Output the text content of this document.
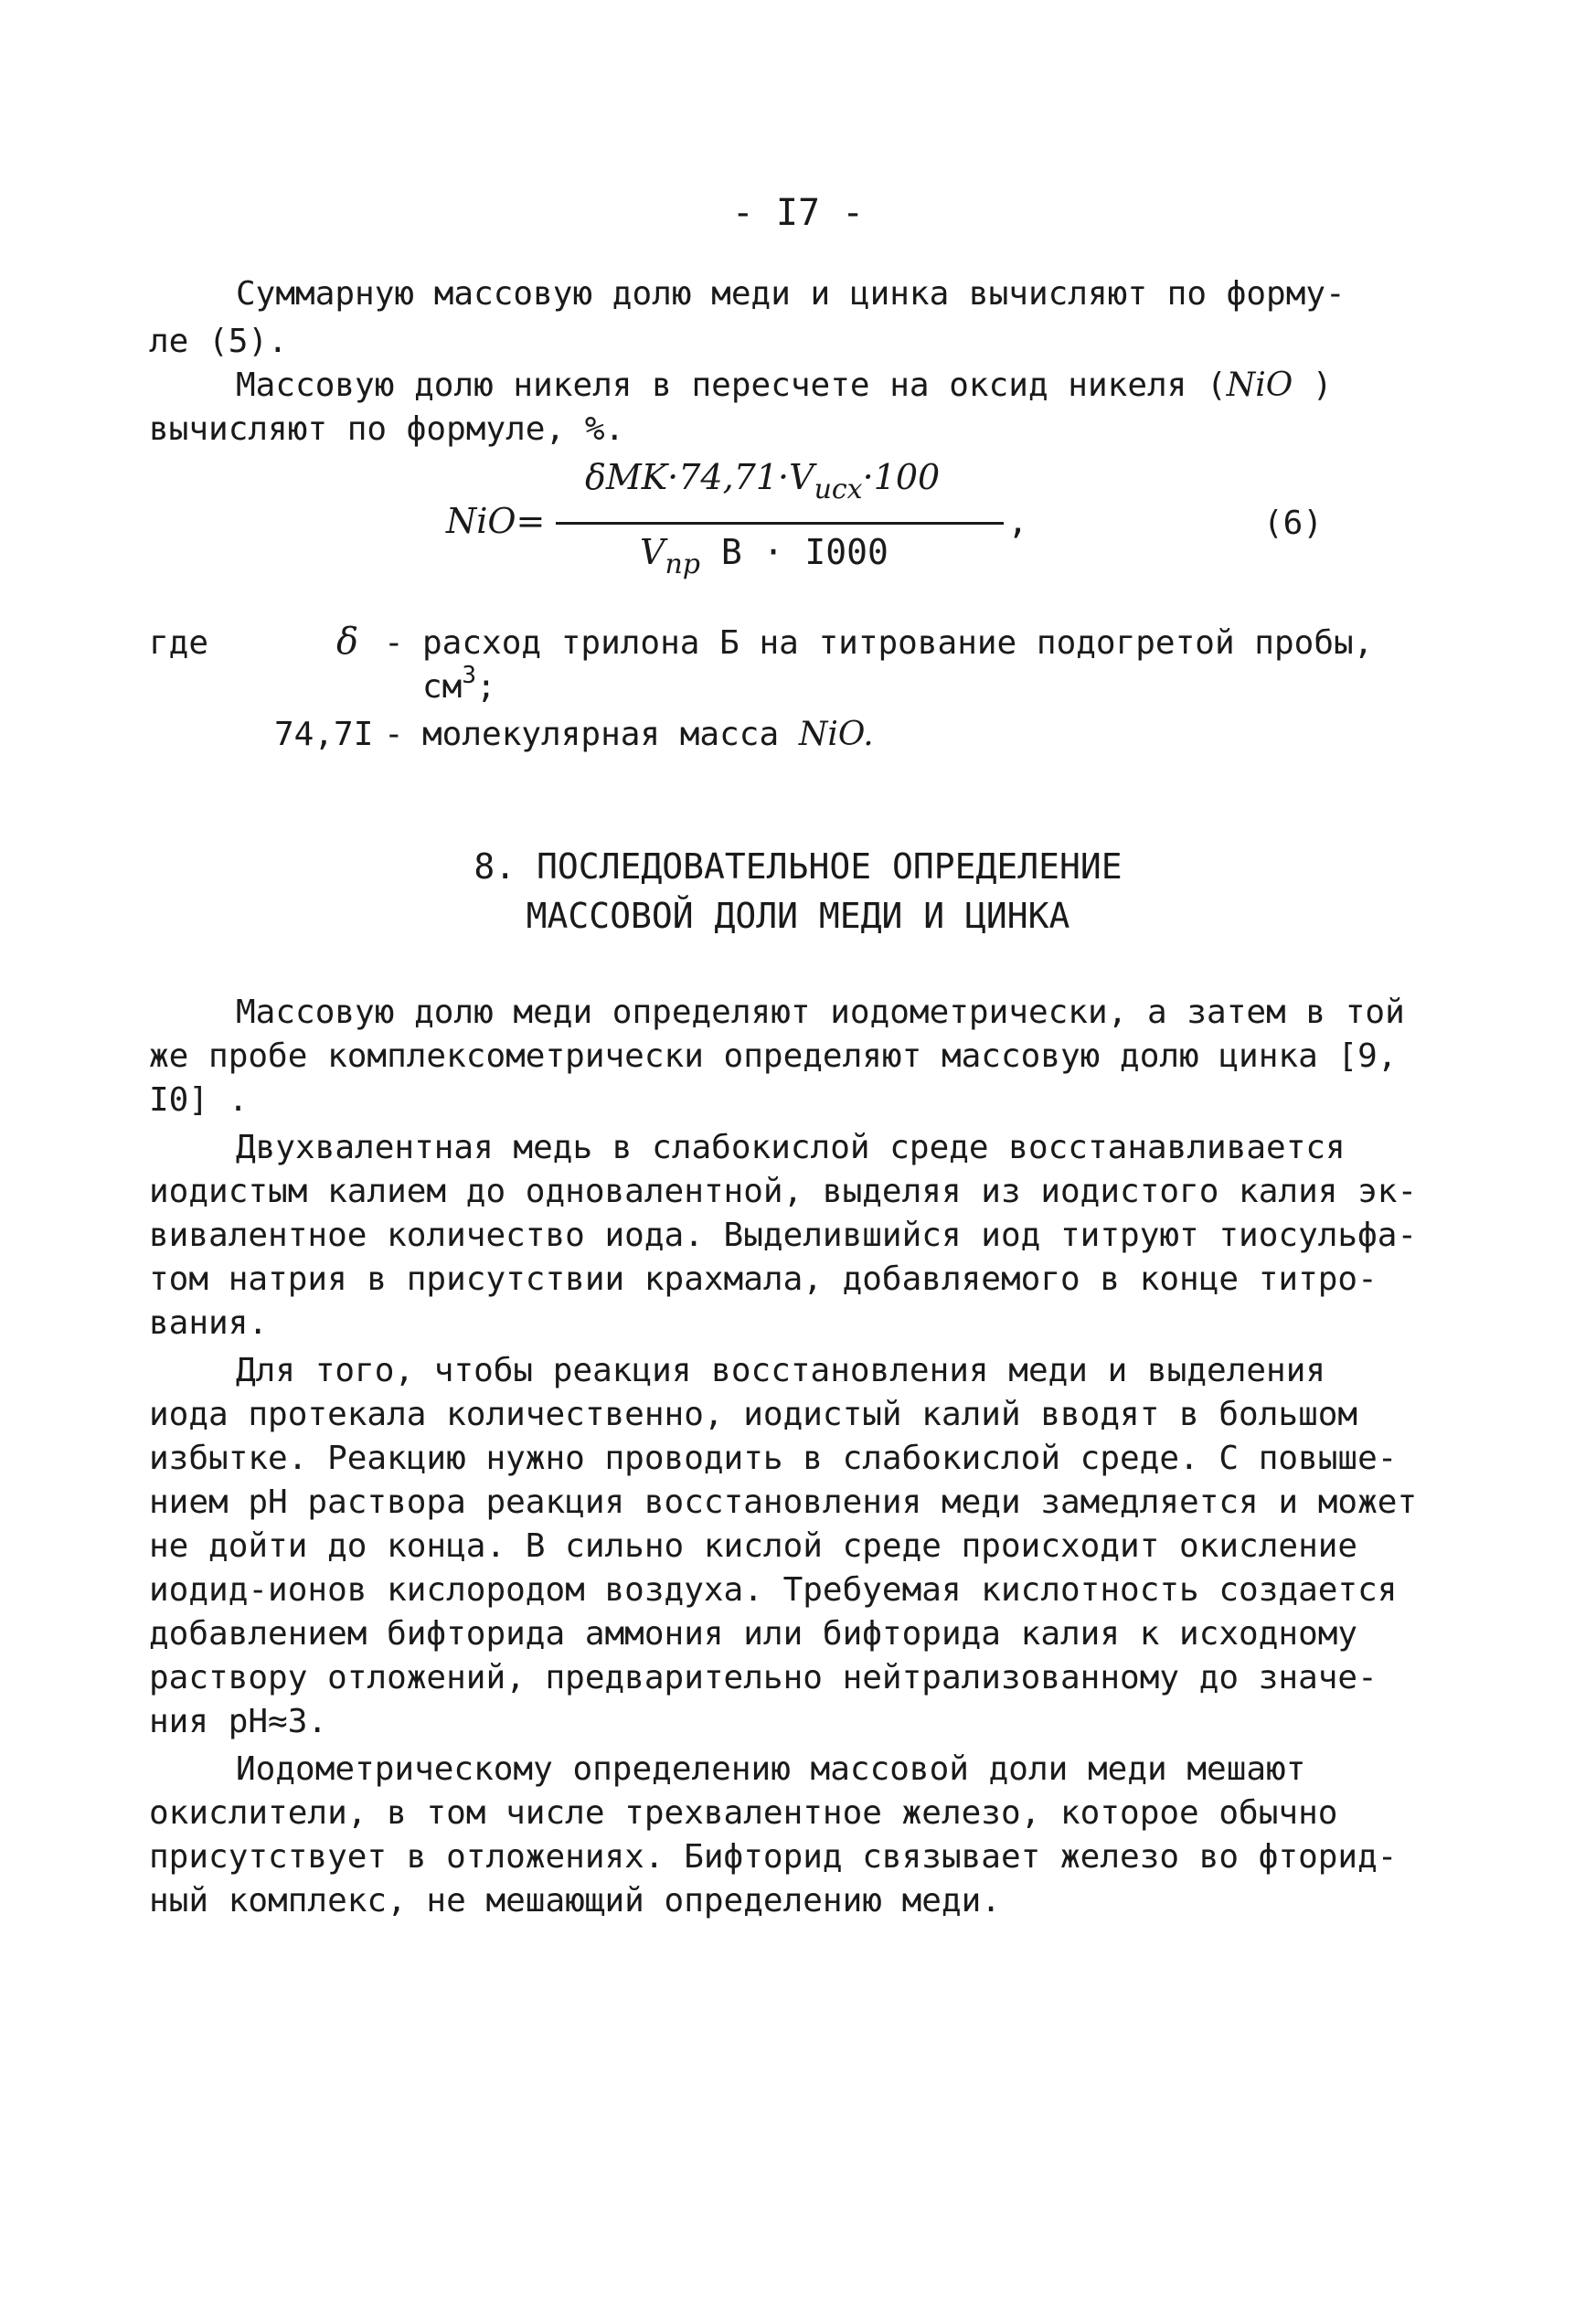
- I7 -
Суммарную массовую долю меди и цинка вычисляют по форму-
ле (5).
Массовую долю никеля в пересчете на оксид никеля (NiO )
вычисляют по формуле, %.
NiO=
$\delta MK\cdot 74,71\cdot V_{исх}\cdot 100$
$V_{пр}$ B · I000
,	(6)
где	δ - расход трилона Б на титрование подогретой пробы,
$см^3$;
74,7I - молекулярная масса NiO.
8. ПОСЛЕДОВАТЕЛЬНОЕ ОПРЕДЕЛЕНИЕ
МАССОВОЙ ДОЛИ МЕДИ И ЦИНКА
Массовую долю меди определяют иодометрически, а затем в той
же пробе комплексометрически определяют массовую долю цинка [9,
I0] .
Двухвалентная медь в слабокислой среде восстанавливается
иодистым калием до одновалентной, выделяя из иодистого калия эк-
вивалентное количество иода. Выделившийся иод титруют тиосульфа-
том натрия в присутствии крахмала, добавляемого в конце титро-
вания.
Для того, чтобы реакция восстановления меди и выделения
иода протекала количественно, иодистый калий вводят в большом
избытке. Реакцию нужно проводить в слабокислой среде. С повыше-
нием pH раствора реакция восстановления меди замедляется и может
не дойти до конца. В сильно кислой среде происходит окисление
иодид-ионов кислородом воздуха. Требуемая кислотность создается
добавлением бифторида аммония или бифторида калия к исходному
раствору отложений, предварительно нейтрализованному до значе-
ния pH≈3.
Иодометрическому определению массовой доли меди мешают
окислители, в том числе трехвалентное железо, которое обычно
присутствует в отложениях. Бифторид связывает железо во фторид-
ный комплекс, не мешающий определению меди.
